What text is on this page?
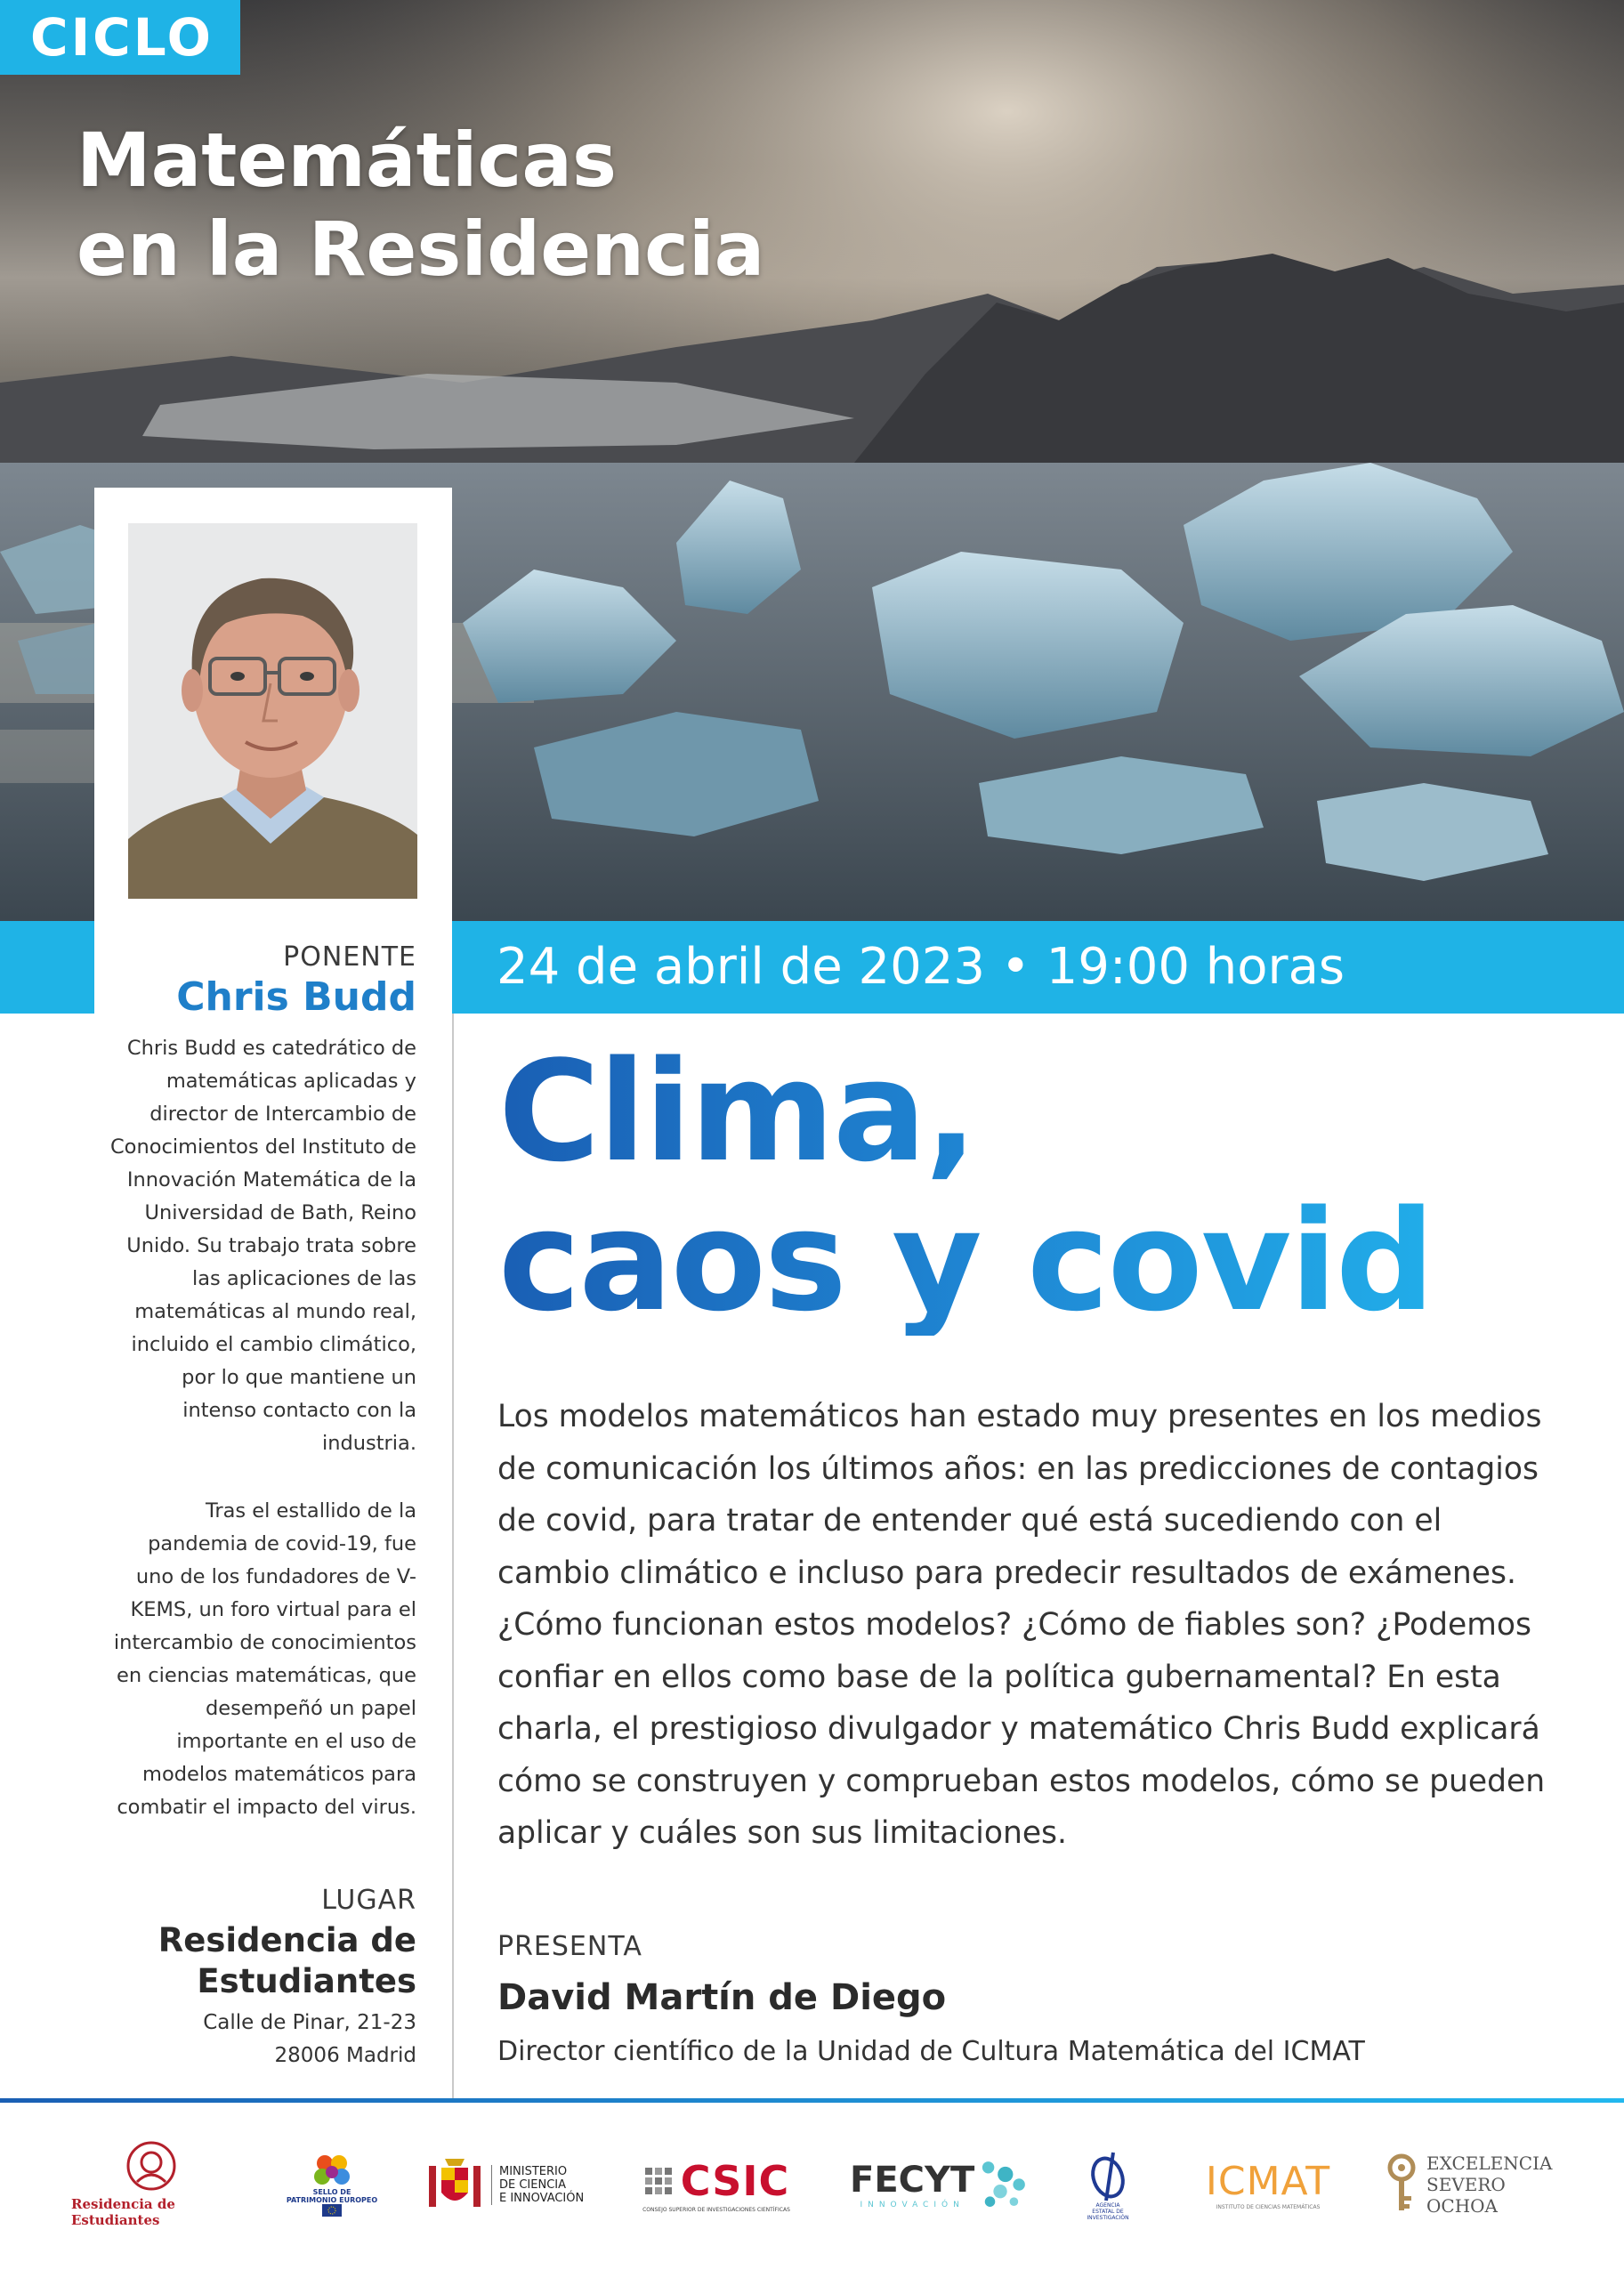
CICLO
Matemáticas
en la Residencia
24 de abril de 2023 • 19:00 horas
PONENTE
Chris Budd
Chris Budd es catedrático de matemáticas aplicadas y director de Intercambio de Conocimientos del Instituto de Innovación Matemática de la Universidad de Bath, Reino Unido. Su trabajo trata sobre las aplicaciones de las matemáticas al mundo real, incluido el cambio climático, por lo que mantiene un intenso contacto con la industria.
Tras el estallido de la pandemia de covid-19, fue uno de los fundadores de V-KEMS, un foro virtual para el intercambio de conocimientos en ciencias matemáticas, que desempeñó un papel importante en el uso de modelos matemáticos para combatir el impacto del virus.
LUGAR
Residencia de
Estudiantes
Calle de Pinar, 21-23
28006 Madrid
Clima,
caos y covid
Los modelos matemáticos han estado muy presentes en los medios de comunicación los últimos años: en las predicciones de contagios de covid, para tratar de entender qué está sucediendo con el cambio climático e incluso para predecir resultados de exámenes. ¿Cómo funcionan estos modelos? ¿Cómo de fiables son? ¿Podemos confiar en ellos como base de la política gubernamental? En esta charla, el prestigioso divulgador y matemático Chris Budd explicará cómo se construyen y comprueban estos modelos, cómo se pueden aplicar y cuáles son sus limitaciones.
PRESENTA
David Martín de Diego
Director científico de la Unidad de Cultura Matemática del ICMAT
Residencia de Estudiantes
SELLO DE
PATRIMONIO EUROPEO
MINISTERIO
DE CIENCIA
E INNOVACIÓN CSIC
CONSEJO SUPERIOR DE INVESTIGACIONES CIENTÍFICAS
FECYT
INNOVACIÓN	AGENCIA
ESTATAL DE
INVESTIGACIÓN
ICMAT
INSTITUTO DE CIENCIAS MATEMÁTICAS
EXCELENCIA
SEVERO
OCHOA
